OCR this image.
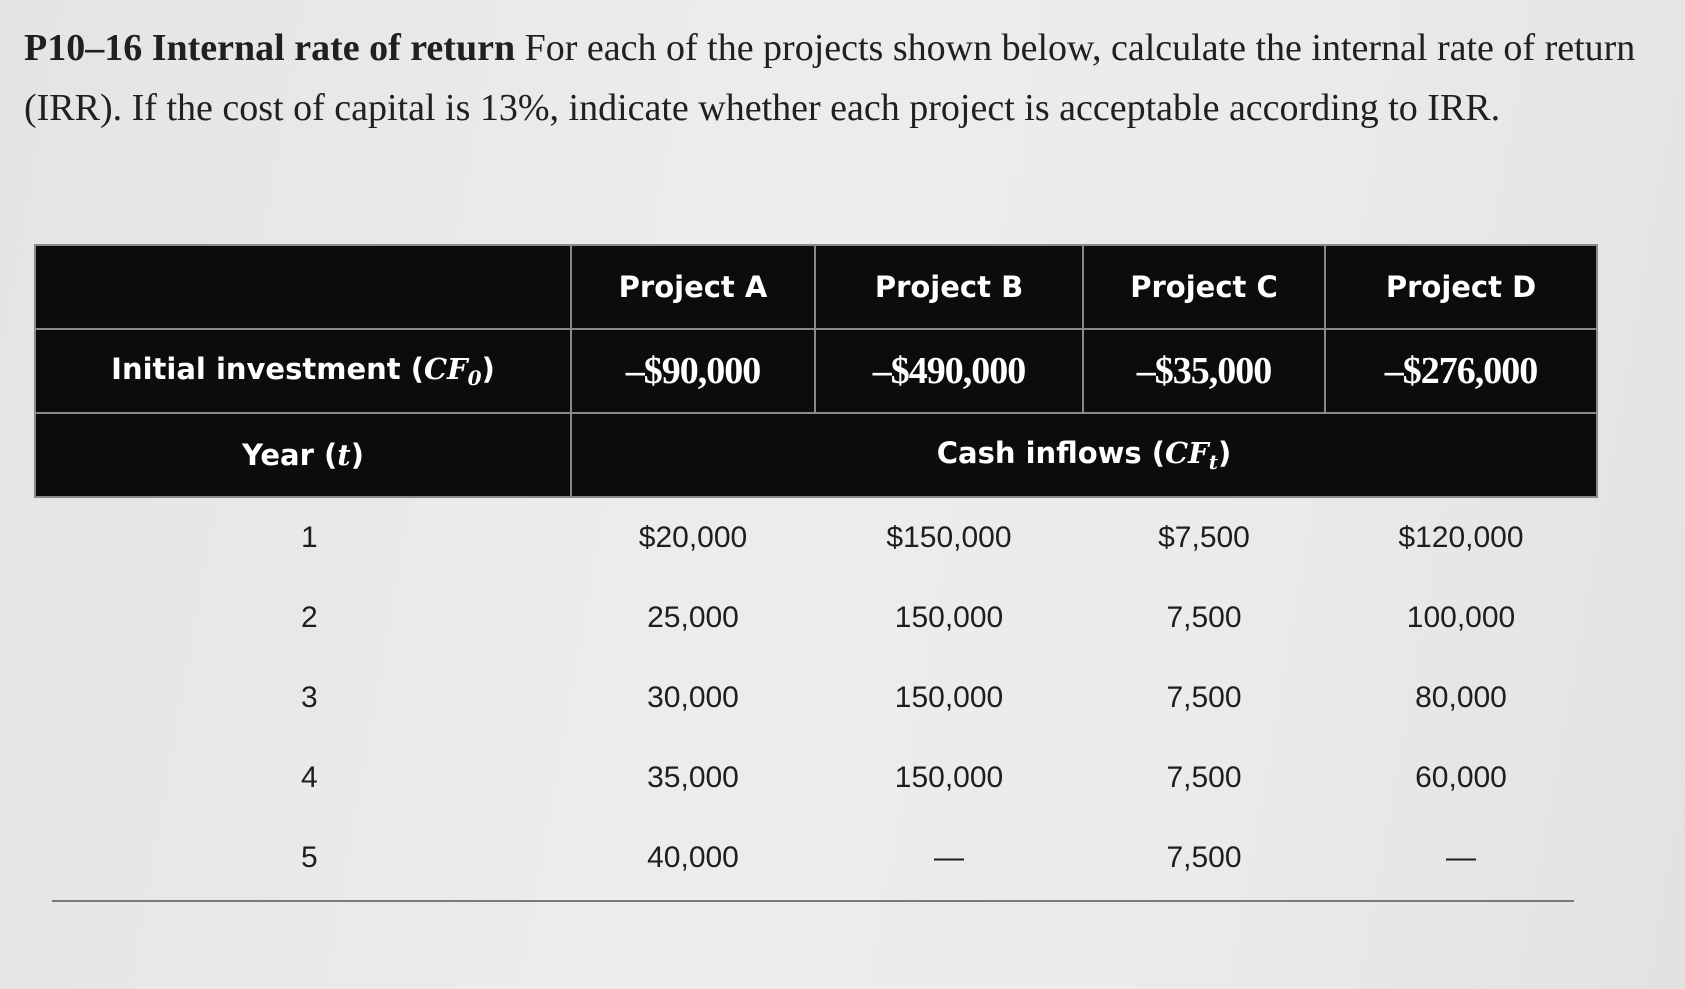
P10–16 Internal rate of return For each of the projects shown below, calculate the internal rate of return (IRR). If the cost of capital is 13%, indicate whether each project is acceptable according to IRR.
	Project A	Project B	Project C	Project D
Initial investment $(CF_0)$	–$90,000	–$490,000	–$35,000	–$276,000
Year (t)	Cash inflows $(CF_t)$			
1	$20,000	$150,000	$7,500	$120,000
2	25,000	150,000	7,500	100,000
3	30,000	150,000	7,500	80,000
4	35,000	150,000	7,500	60,000
5	40,000	—	7,500	—
